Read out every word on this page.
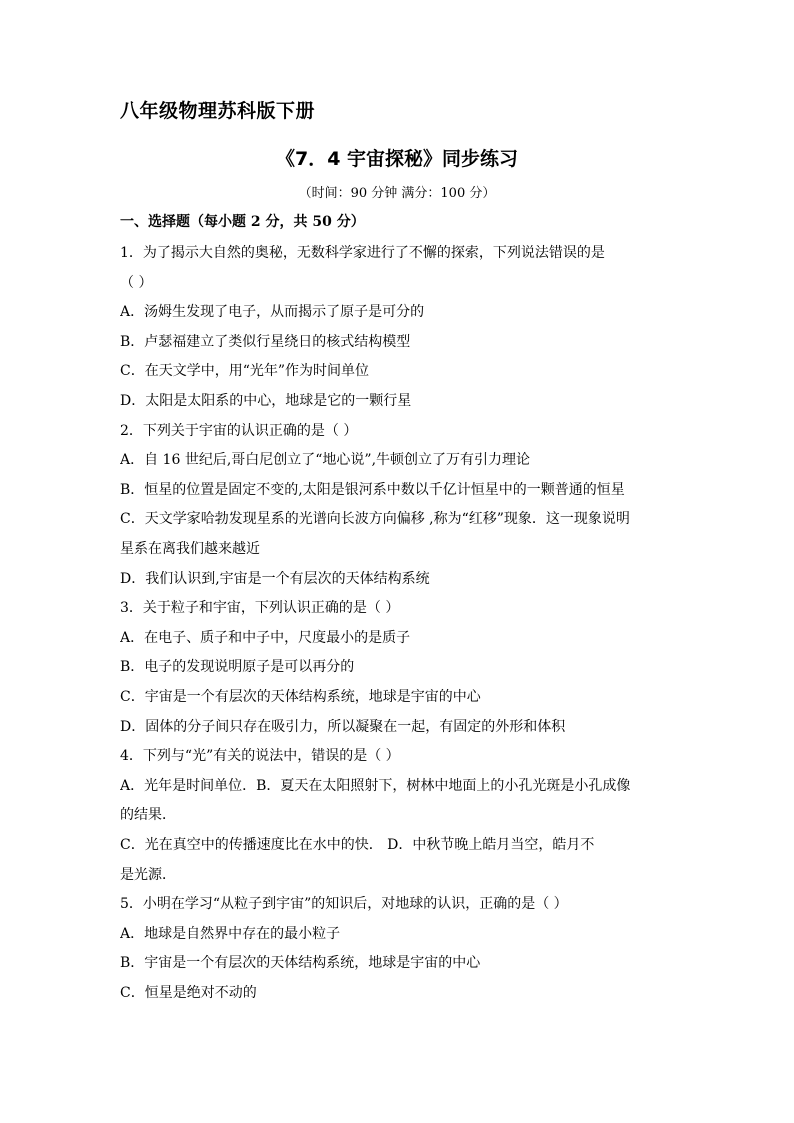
八年级物理苏科版下册
《7．4 宇宙探秘》同步练习
（时间：90 分钟 满分：100 分）
一、选择题（每小题 2 分，共 50 分）
1．为了揭示大自然的奥秘，无数科学家进行了不懈的探索，下列说法错误的是
（ ）
A．汤姆生发现了电子，从而揭示了原子是可分的
B．卢瑟福建立了类似行星绕日的核式结构模型
C．在天文学中，用“光年”作为时间单位
D．太阳是太阳系的中心，地球是它的一颗行星
2．下列关于宇宙的认识正确的是（ ）
A．自 16 世纪后,哥白尼创立了“地心说”,牛顿创立了万有引力理论
B．恒星的位置是固定不变的,太阳是银河系中数以千亿计恒星中的一颗普通的恒星
C．天文学家哈勃发现星系的光谱向长波方向偏移 ,称为“红移”现象．这一现象说明
星系在离我们越来越近
D．我们认识到,宇宙是一个有层次的天体结构系统
3．关于粒子和宇宙，下列认识正确的是（ ）
A．在电子、质子和中子中，尺度最小的是质子
B．电子的发现说明原子是可以再分的
C．宇宙是一个有层次的天体结构系统，地球是宇宙的中心
D．固体的分子间只存在吸引力，所以凝聚在一起，有固定的外形和体积
4．下列与“光”有关的说法中，错误的是（ ）
A．光年是时间单位．B．夏天在太阳照射下，树林中地面上的小孔光斑是小孔成像
的结果．
C．光在真空中的传播速度比在水中的快． D．中秋节晚上皓月当空，皓月不
是光源．
5．小明在学习“从粒子到宇宙”的知识后，对地球的认识，正确的是（ ）
A．地球是自然界中存在的最小粒子
B．宇宙是一个有层次的天体结构系统，地球是宇宙的中心
C．恒星是绝对不动的
